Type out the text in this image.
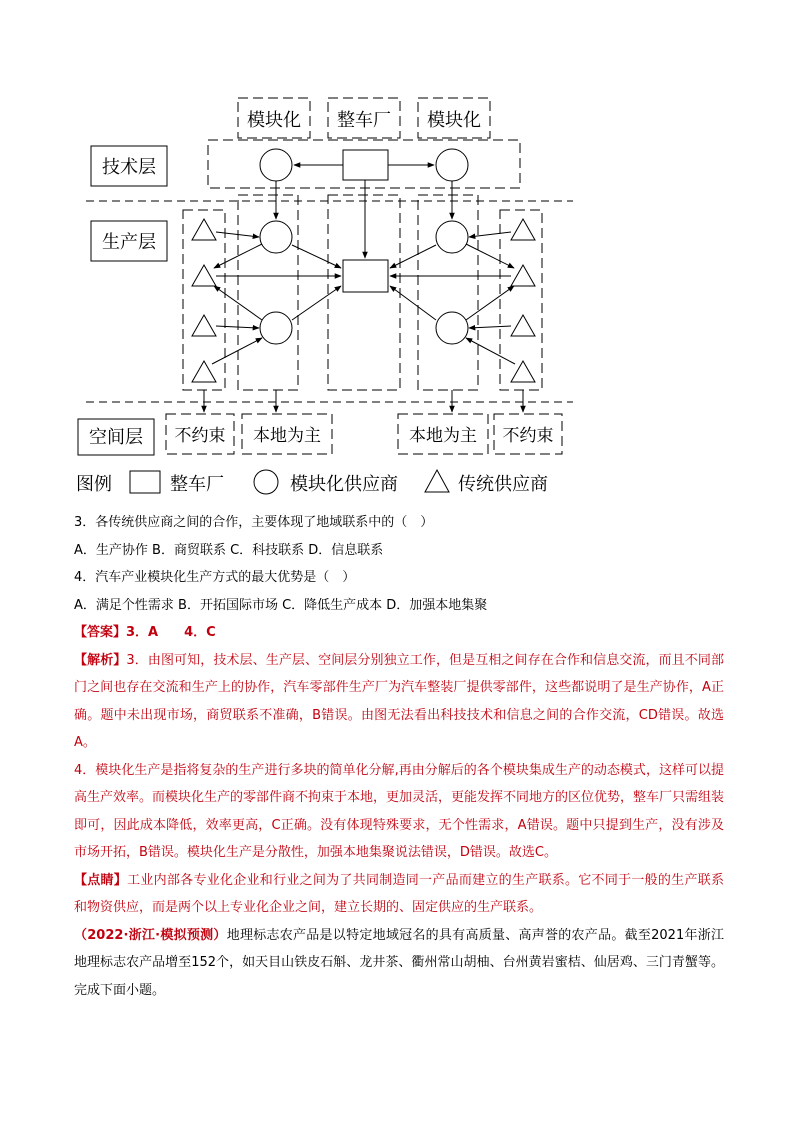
模块化 整车厂 模块化
技术层
生产层
空间层 不约束 本地为主	本地为主 不约束
图例	整车厂	模块化供应商	传统供应商

3．各传统供应商之间的合作，主要体现了地域联系中的（　）

A．生产协作 B．商贸联系 C．科技联系 D．信息联系

4．汽车产业模块化生产方式的最大优势是（　）

A．满足个性需求 B．开拓国际市场 C．降低生产成本 D．加强本地集聚

【答案】3．A　　4．C

【解析】3．由图可知，技术层、生产层、空间层分别独立工作，但是互相之间存在合作和信息交流，而且不同部门之间也存在交流和生产上的协作，汽车零部件生产厂为汽车整装厂提供零部件，这些都说明了是生产协作，A正确。题中未出现市场，商贸联系不准确，B错误。由图无法看出科技技术和信息之间的合作交流，CD错误。故选A。

4．模块化生产是指将复杂的生产进行多块的简单化分解,再由分解后的各个模块集成生产的动态模式，这样可以提高生产效率。而模块化生产的零部件商不拘束于本地，更加灵活，更能发挥不同地方的区位优势，整车厂只需组装即可，因此成本降低，效率更高，C正确。没有体现特殊要求，无个性需求，A错误。题中只提到生产，没有涉及市场开拓，B错误。模块化生产是分散性，加强本地集聚说法错误，D错误。故选C。

【点睛】工业内部各专业化企业和行业之间为了共同制造同一产品而建立的生产联系。它不同于一般的生产联系和物资供应，而是两个以上专业化企业之间，建立长期的、固定供应的生产联系。

（2022·浙江·模拟预测）地理标志农产品是以特定地域冠名的具有高质量、高声誉的农产品。截至2021年浙江地理标志农产品增至152个，如天目山铁皮石斛、龙井茶、衢州常山胡柚、台州黄岩蜜桔、仙居鸡、三门青蟹等。完成下面小题。
